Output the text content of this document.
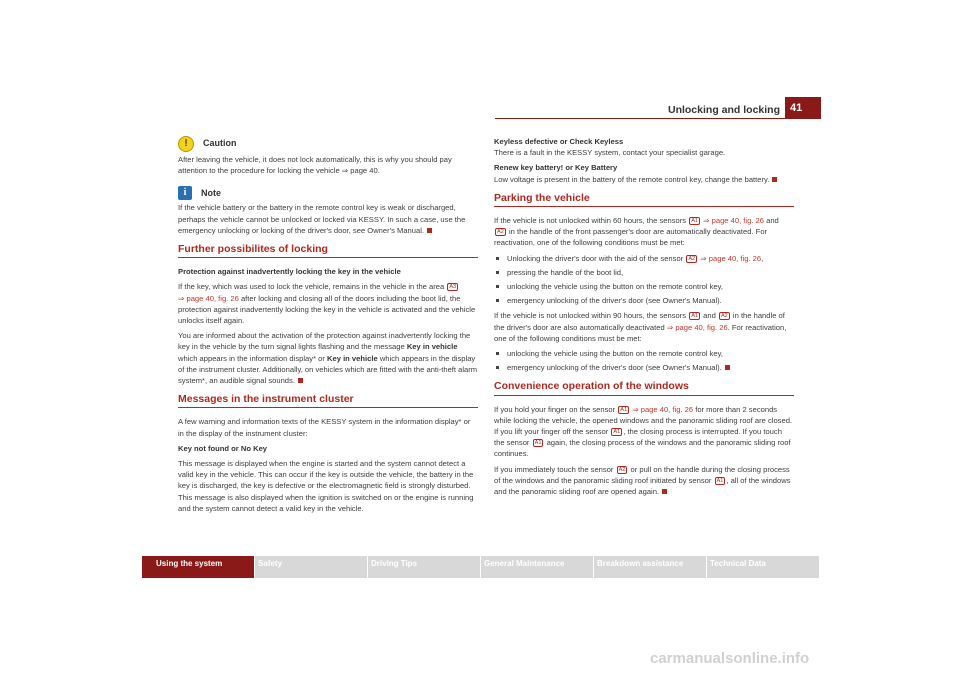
Unlocking and locking 41
!	Caution

After leaving the vehicle, it does not lock automatically, this is why you should pay attention to the procedure for locking the vehicle ⇒ page 40.

i	Note

If the vehicle battery or the battery in the remote control key is weak or discharged, perhaps the vehicle cannot be unlocked or locked via KESSY. In such a case, use the emergency unlocking or locking of the driver's door, see Owner's Manual.

Further possibilites of locking

Protection against inadvertently locking the key in the vehicle

If the key, which was used to lock the vehicle, remains in the vehicle in the area A3
⇒ page 40, fig. 26 after locking and closing all of the doors including the boot lid, the protection against inadvertently locking the key in the vehicle is activated and the vehicle unlocks itself again.

You are informed about the activation of the protection against inadvertently locking the key in the vehicle by the turn signal lights flashing and the message Key in vehicle which appears in the information display* or Key in vehicle which appears in the display of the instrument cluster. Additionally, on vehicles which are fitted with the anti-theft alarm system*, an audible signal sounds.

Messages in the instrument cluster

A few warning and information texts of the KESSY system in the information display* or in the display of the instrument cluster:

Key not found or No Key

This message is displayed when the engine is started and the system cannot detect a valid key in the vehicle. This can occur if the key is outside the vehicle, the battery in the key is discharged, the key is defective or the electromagnetic field is strongly disturbed. This message is also displayed when the ignition is switched on or the engine is running and the system cannot detect a valid key in the vehicle.

Keyless defective or Check Keyless

There is a fault in the KESSY system, contact your specialist garage.

Renew key battery! or Key Battery

Low voltage is present in the battery of the remote control key, change the battery.

Parking the vehicle

If the vehicle is not unlocked within 60 hours, the sensors A1 ⇒ page 40, fig. 26 and
A2 in the handle of the front passenger's door are automatically deactivated. For reactivation, one of the following conditions must be met:

Unlocking the driver's door with the aid of the sensor A2 ⇒ page 40, fig. 26,
pressing the handle of the boot lid,
unlocking the vehicle using the button on the remote control key,
emergency unlocking of the driver's door (see Owner's Manual).

If the vehicle is not unlocked within 90 hours, the sensors A1 and A2 in the handle of the driver's door are also automatically deactivated ⇒ page 40, fig. 26. For reactivation, one of the following conditions must be met:

unlocking the vehicle using the button on the remote control key,
emergency unlocking of the driver's door (see Owner's Manual).
Convenience operation of the windows

If you hold your finger on the sensor A1 ⇒ page 40, fig. 26 for more than 2 seconds while locking the vehicle, the opened windows and the panoramic sliding roof are closed. If you lift your finger off the sensor A1 , the closing process is interrupted. If you touch the sensor A1 again, the closing process of the windows and the panoramic sliding roof continues.

If you immediately touch the sensor A2 or pull on the handle during the closing process of the windows and the panoramic sliding roof initiated by sensor A1 , all of the windows and the panoramic sliding roof are opened again.

Using the system	Safety	Driving Tips	General Maintenance	Breakdown assistance	Technical Data
carmanualsonline.info
